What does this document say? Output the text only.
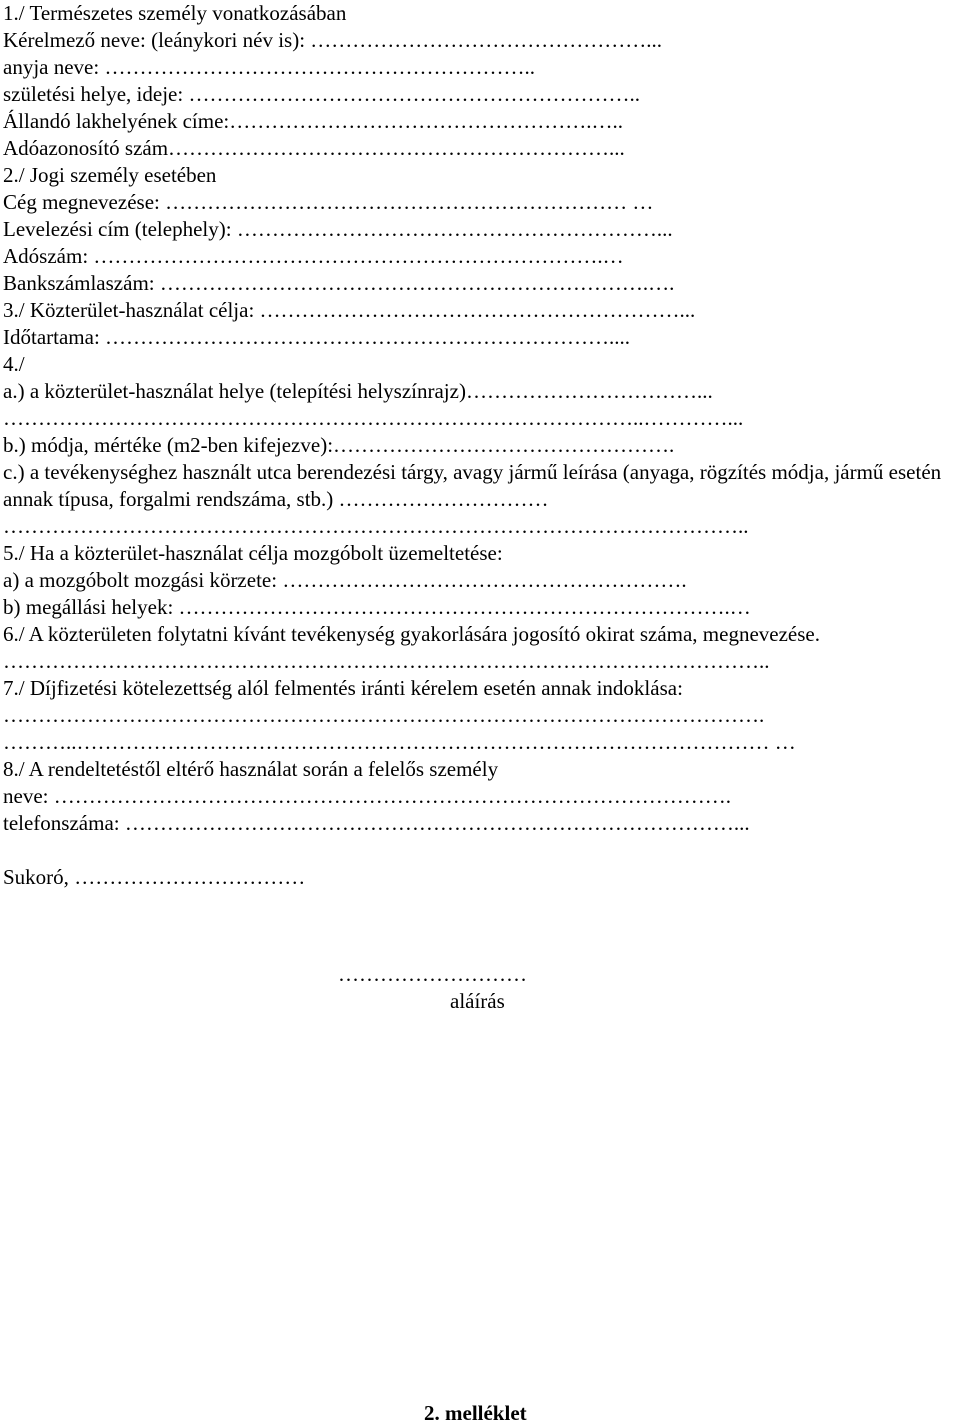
1./ Természetes személy vonatkozásában
Kérelmező neve: (leánykori név is): …………………………………………...
anyja neve: ……………………………………………………..
születési helye, ideje: ………………………………………………………..
Állandó lakhelyének címe:…………………………………………….…..
Adóazonosító szám………………………………………………………...
2./ Jogi személy esetében
Cég megnevezése: ………………………………………………………… …
Levelezési cím (telephely): ……………………………………………………...
Adószám: ……………………………………………………………….…
Bankszámlaszám: …………………………………………………………….….
3./ Közterület-használat célja: ……………………………………………………...
Időtartama: ………………………………………………………………....
4./
a.) a közterület-használat helye (telepítési helyszínrajz)……………………………...
………………………………………………………………………………..…………...
b.) módja, mértéke (m2-ben kifejezve):………………………………………….
c.) a tevékenységhez használt utca berendezési tárgy, avagy jármű leírása (anyaga, rögzítés módja, jármű esetén annak típusa, forgalmi rendszáma, stb.) …………………………
……………………………………………………………………………………………..
5./ Ha a közterület-használat célja mozgóbolt üzemeltetése:
a) a mozgóbolt mozgási körzete: ………………………………………………….
b) megállási helyek: …………………………………………………………………….…
6./ A közterületen folytatni kívánt tevékenység gyakorlására jogosító okirat száma, megnevezése.
………………………………………………………………………………………………..
7./ Díjfizetési kötelezettség alól felmentés iránti kérelem esetén annak indoklása:
……………………………………………………………………………………………….
………..……………………………………………………………………………………… …
8./ A rendeltetéstől eltérő használat során a felelős személy
neve: …………………………………………………………………………………….
telefonszáma: ……………………………………………………………………………...
Sukoró, ……………………………
………………………
aláírás
2. melléklet
